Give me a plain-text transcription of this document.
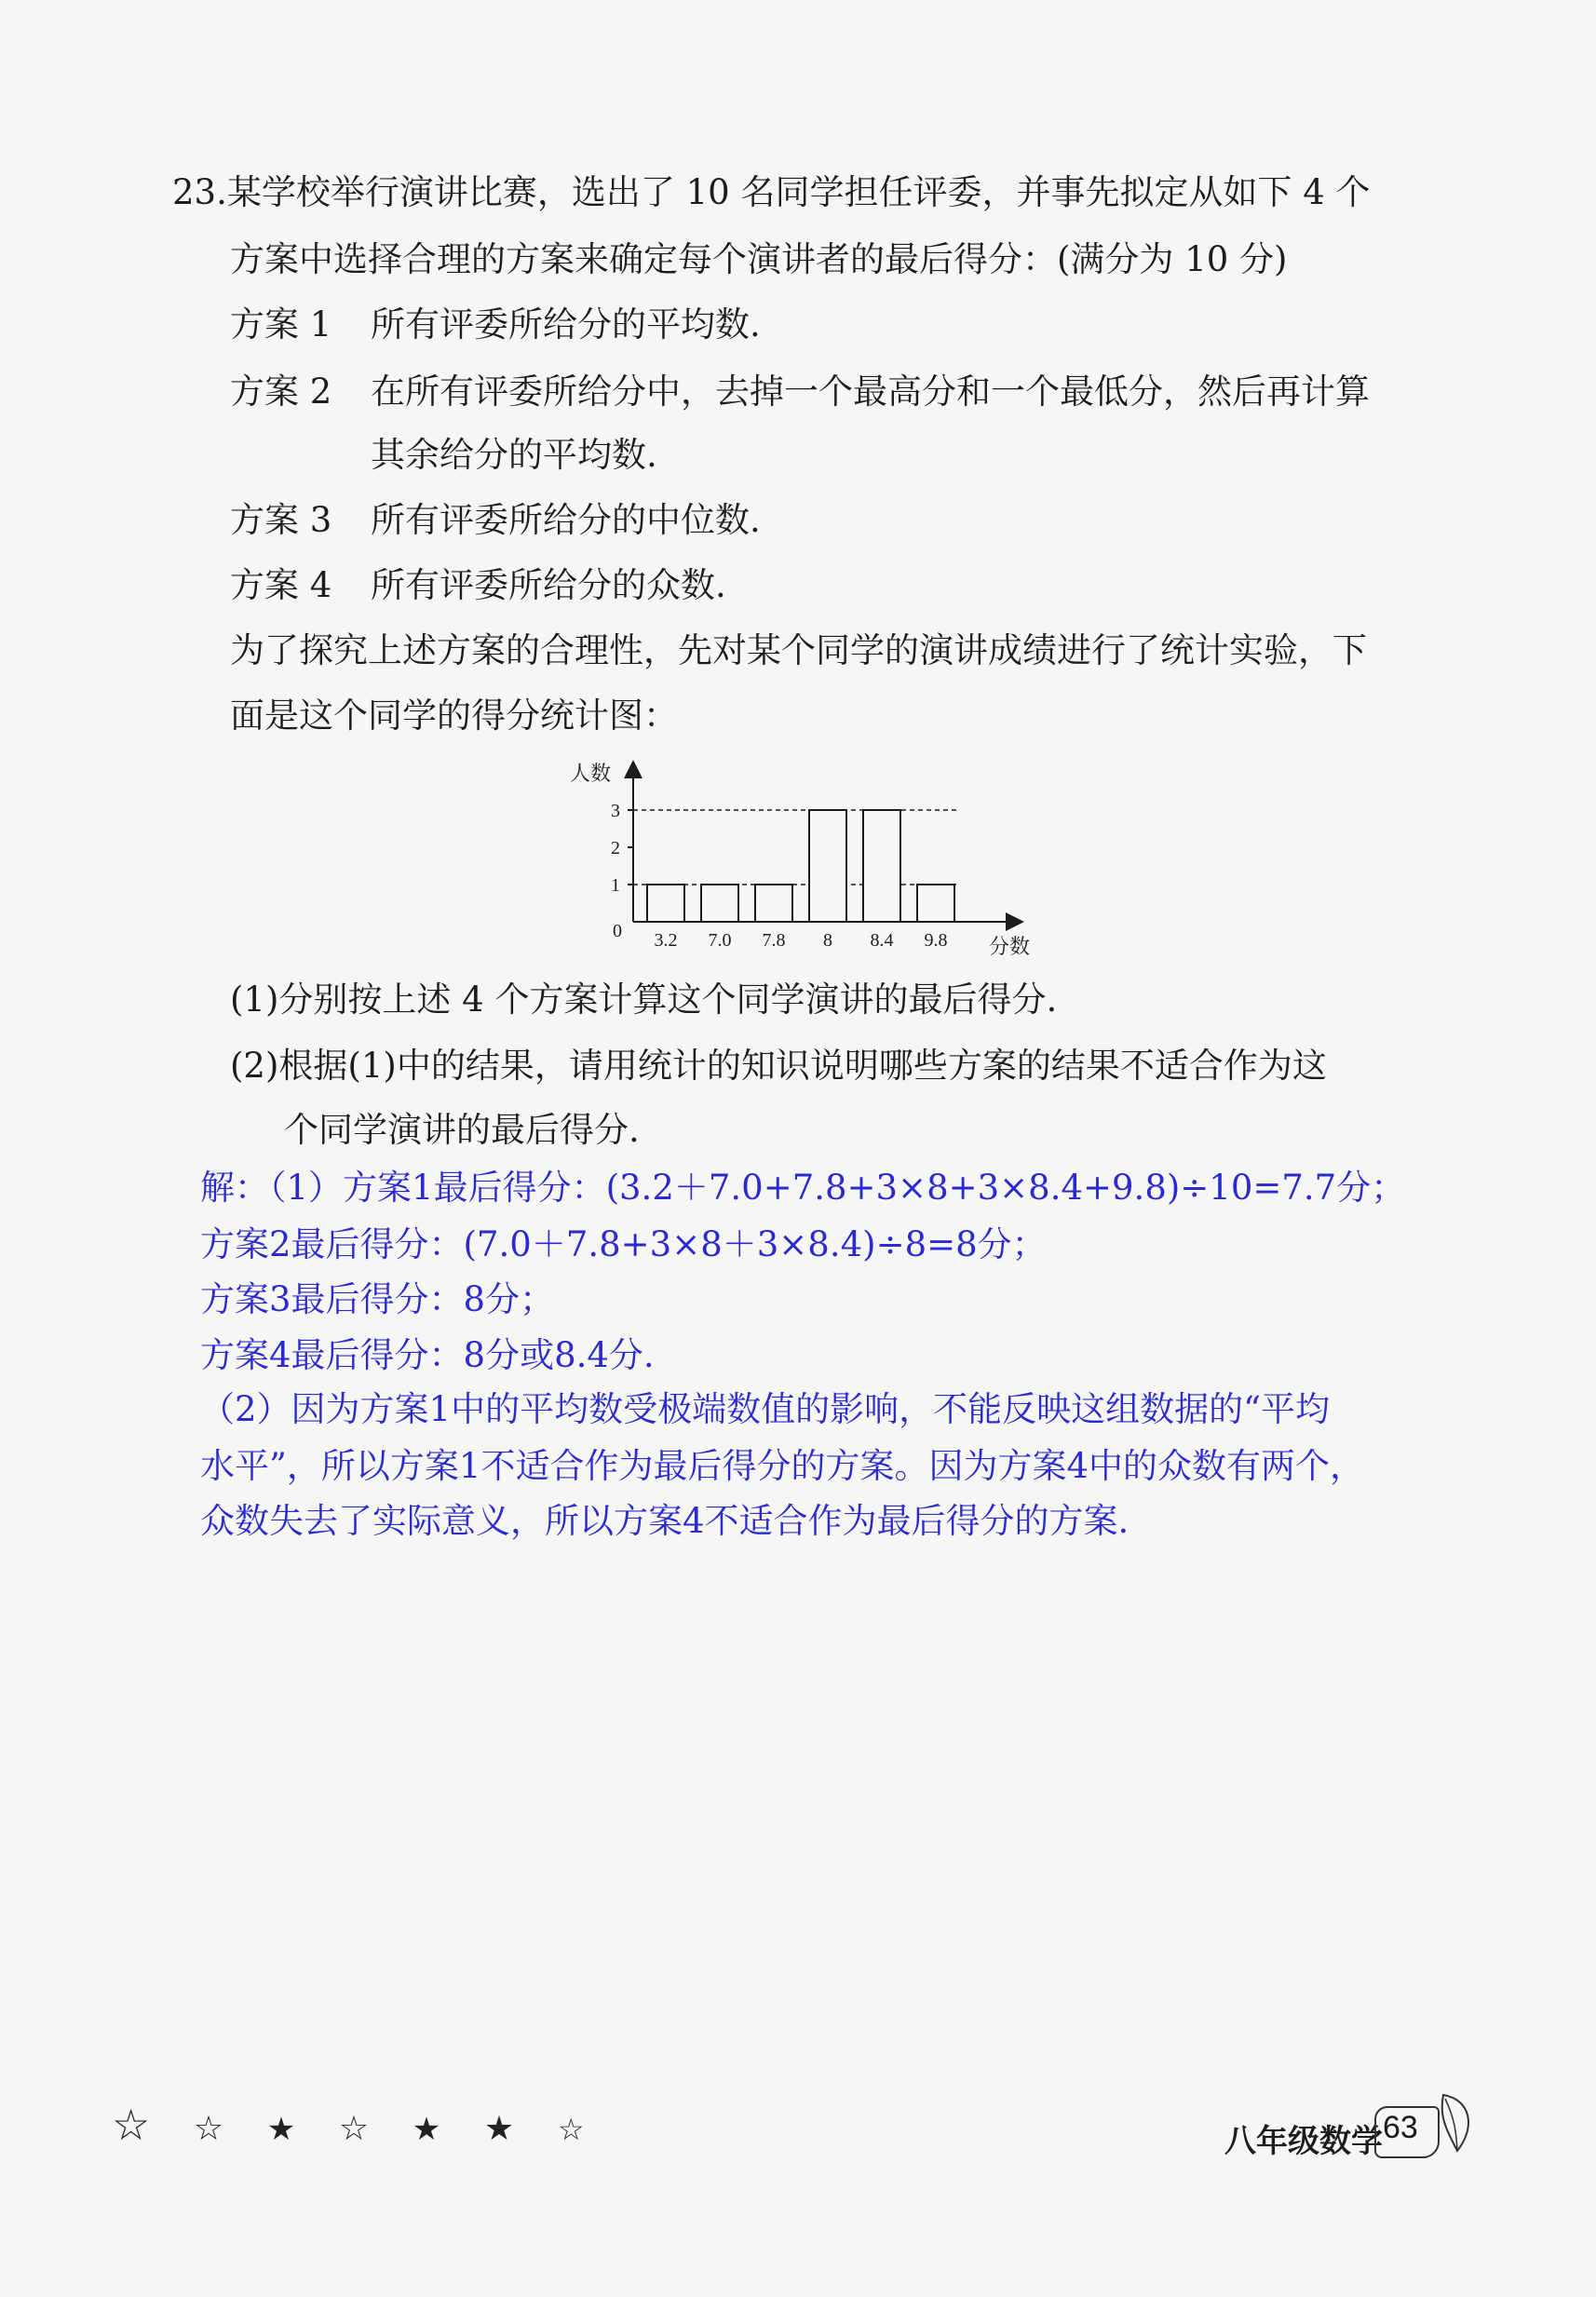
23.某学校举行演讲比赛，选出了 10 名同学担任评委，并事先拟定从如下 4 个
方案中选择合理的方案来确定每个演讲者的最后得分：(满分为 10 分)
方案 1 所有评委所给分的平均数.
方案 2 在所有评委所给分中，去掉一个最高分和一个最低分，然后再计算
其余给分的平均数.
方案 3 所有评委所给分的中位数.
方案 4 所有评委所给分的众数.
为了探究上述方案的合理性，先对某个同学的演讲成绩进行了统计实验，下
面是这个同学的得分统计图：
1
2
3
3.2 7.0 7.8 8 8.4 9.8
人数
分数
0
(1)分别按上述 4 个方案计算这个同学演讲的最后得分.
(2)根据(1)中的结果，请用统计的知识说明哪些方案的结果不适合作为这
个同学演讲的最后得分.
解：（1）方案1最后得分：(3.2＋7.0+7.8+3×8+3×8.4+9.8)÷10=7.7分；
方案2最后得分：(7.0＋7.8+3×8＋3×8.4)÷8=8分；
方案3最后得分：8分；
方案4最后得分：8分或8.4分.
（2）因为方案1中的平均数受极端数值的影响，不能反映这组数据的“平均
水平”，所以方案1不适合作为最后得分的方案。因为方案4中的众数有两个，
众数失去了实际意义，所以方案4不适合作为最后得分的方案.
☆ ☆ ★ ☆ ★ ★ ☆	八年级数学 63
